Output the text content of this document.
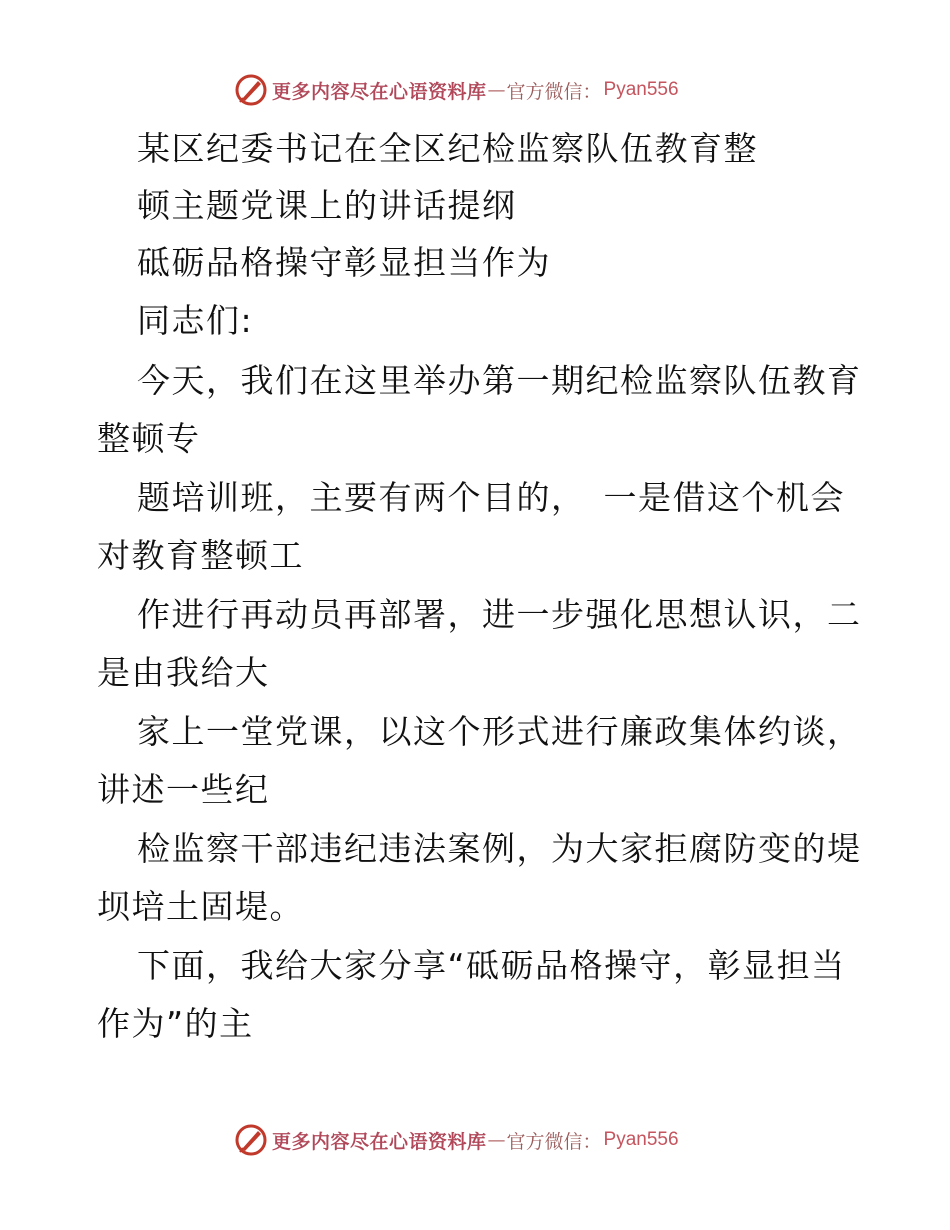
更多内容尽在心语资料库 — 官方微信： Pyan556
某区纪委书记在全区纪检监察队伍教育整
顿主题党课上的讲话提纲
砥砺品格操守彰显担当作为
同志们:
今天，我们在这里举办第一期纪检监察队伍教育
整顿专
题培训班，主要有两个目的，　一是借这个机会
对教育整顿工
作进行再动员再部署，进一步强化思想认识，二
是由我给大
家上一堂党课，以这个形式进行廉政集体约谈，
讲述一些纪
检监察干部违纪违法案例，为大家拒腐防变的堤
坝培土固堤。
下面，我给大家分享“砥砺品格操守，彰显担当
作为”的主
更多内容尽在心语资料库 — 官方微信： Pyan556
